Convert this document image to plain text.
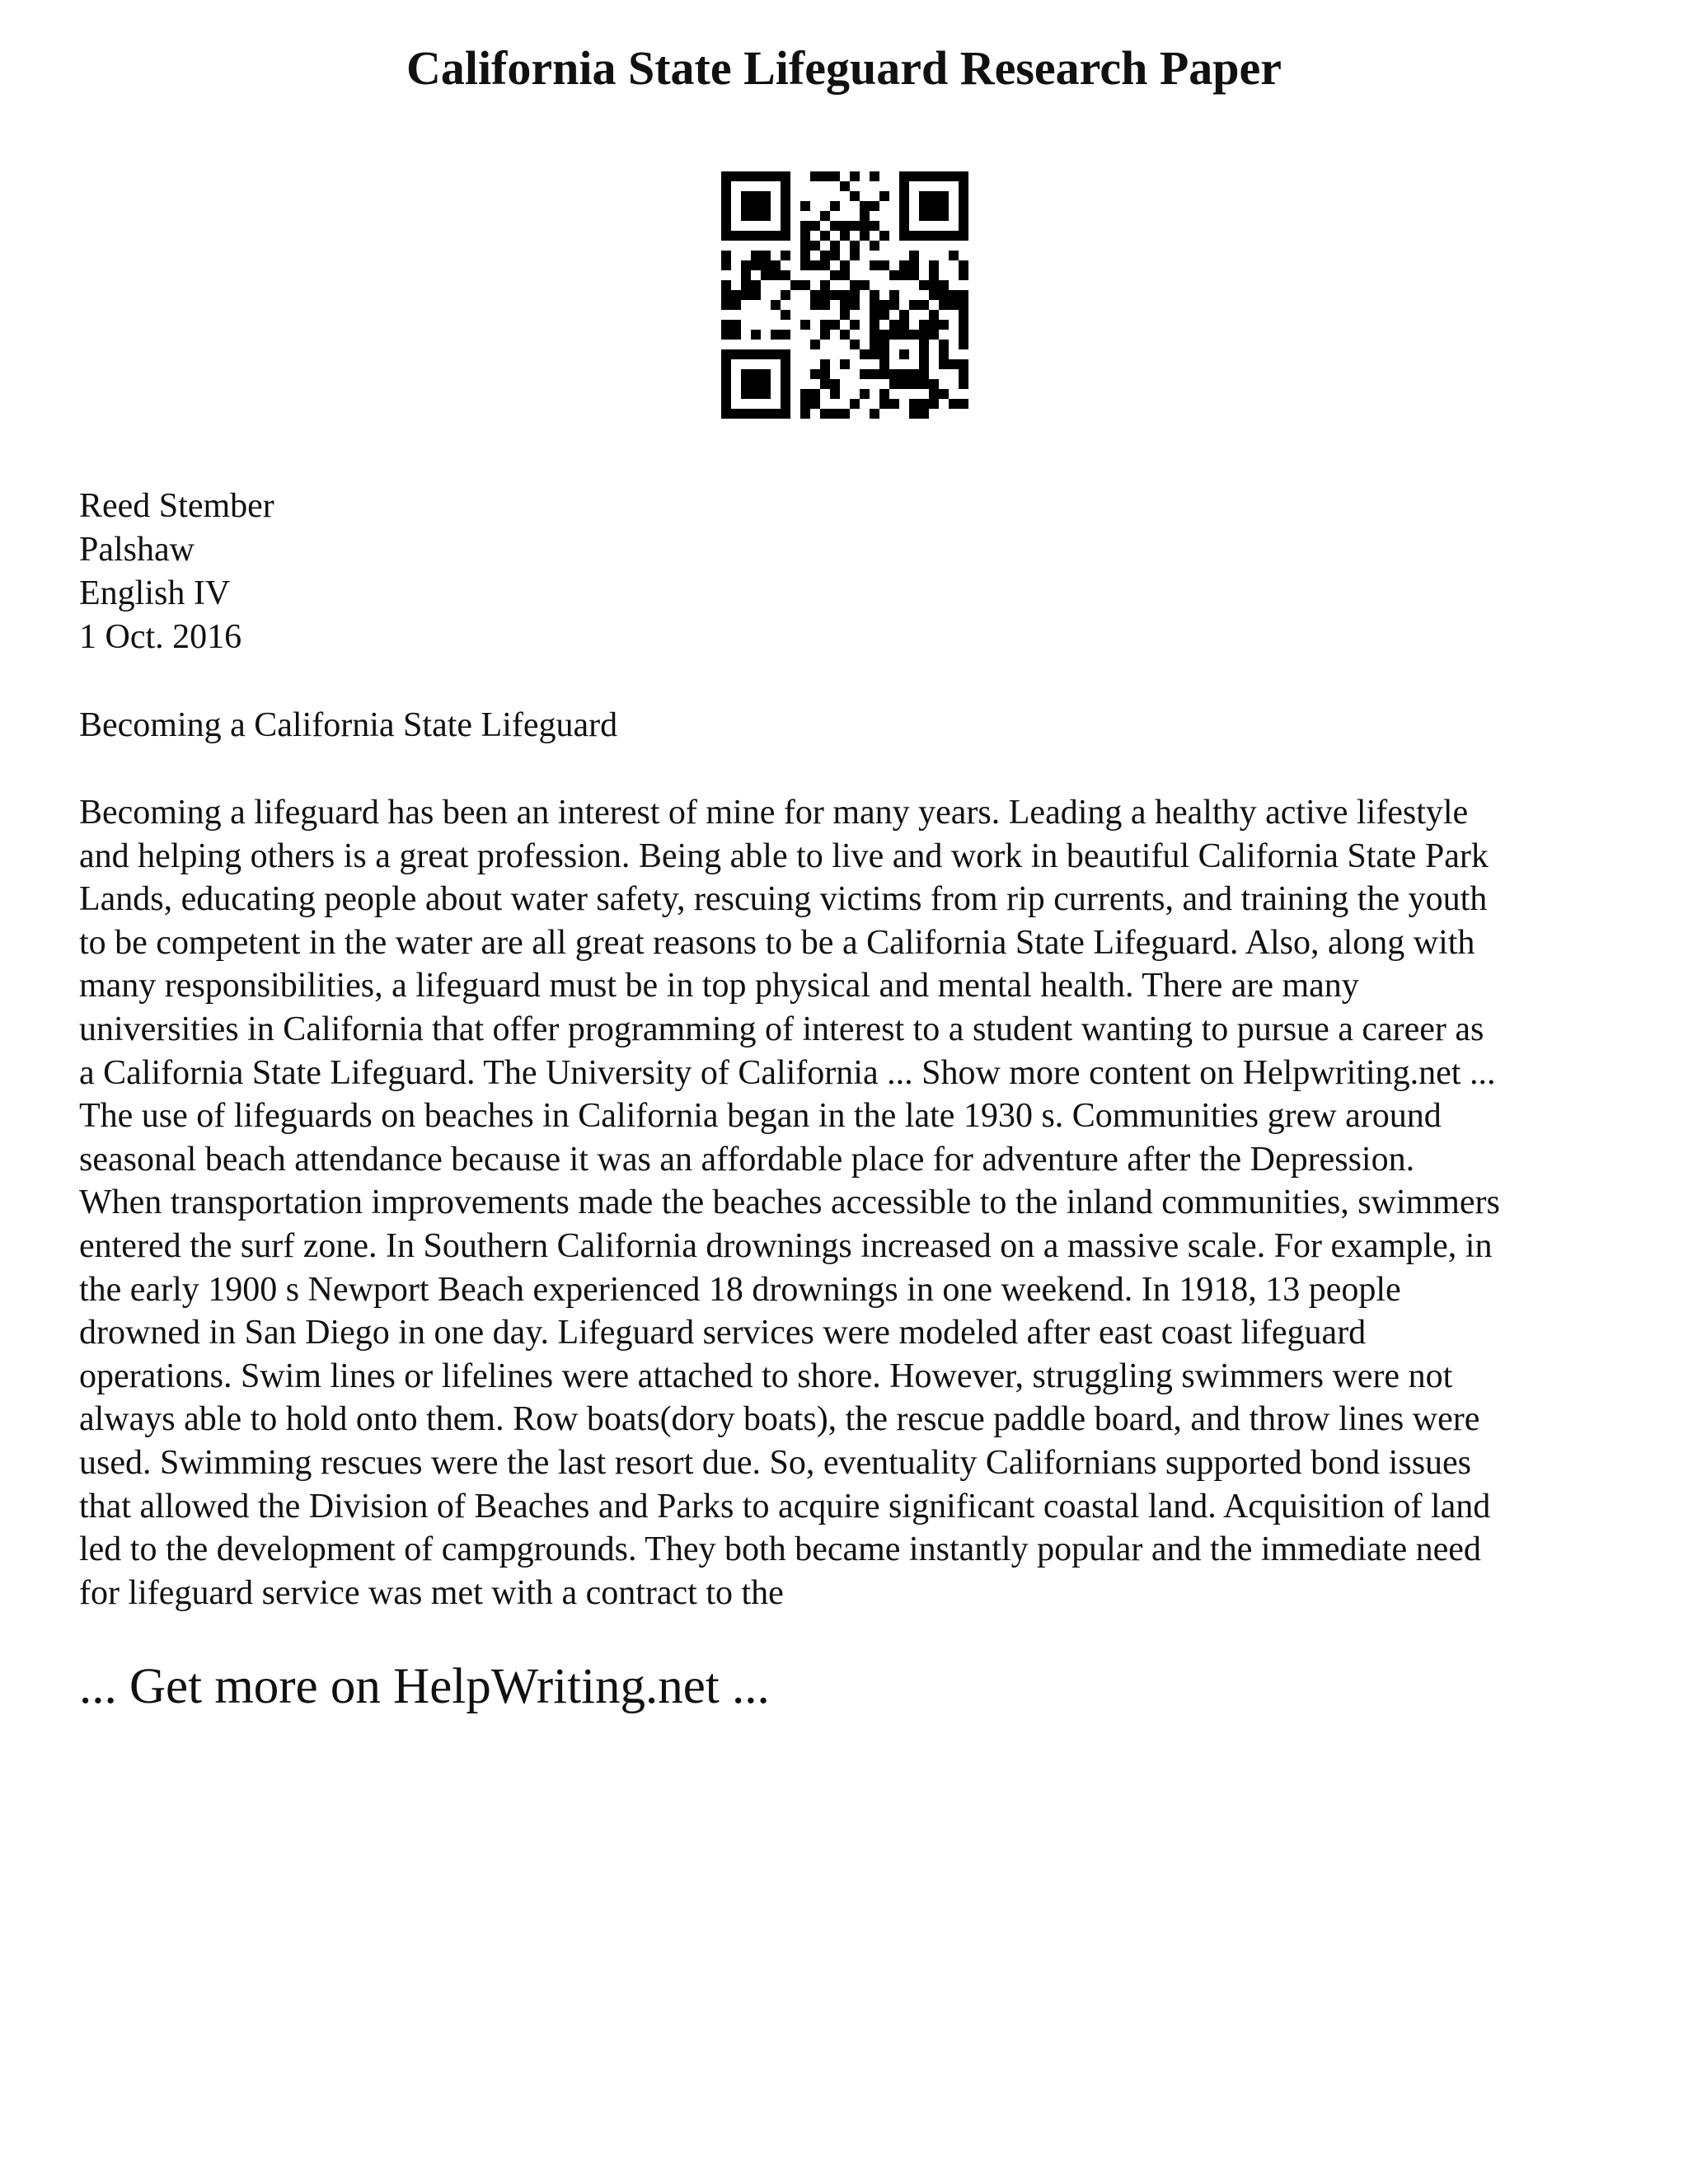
California State Lifeguard Research Paper
Reed Stember
Palshaw
English IV
1 Oct. 2016
Becoming a California State Lifeguard

Becoming a lifeguard has been an interest of mine for many years. Leading a healthy active lifestyle
and helping others is a great profession. Being able to live and work in beautiful California State Park
Lands, educating people about water safety, rescuing victims from rip currents, and training the youth
to be competent in the water are all great reasons to be a California State Lifeguard. Also, along with
many responsibilities, a lifeguard must be in top physical and mental health. There are many
universities in California that offer programming of interest to a student wanting to pursue a career as
a California State Lifeguard. The University of California ... Show more content on Helpwriting.net ...
The use of lifeguards on beaches in California began in the late 1930 s. Communities grew around
seasonal beach attendance because it was an affordable place for adventure after the Depression.
When transportation improvements made the beaches accessible to the inland communities, swimmers
entered the surf zone. In Southern California drownings increased on a massive scale. For example, in
the early 1900 s Newport Beach experienced 18 drownings in one weekend. In 1918, 13 people
drowned in San Diego in one day. Lifeguard services were modeled after east coast lifeguard
operations. Swim lines or lifelines were attached to shore. However, struggling swimmers were not
always able to hold onto them. Row boats(dory boats), the rescue paddle board, and throw lines were
used. Swimming rescues were the last resort due. So, eventuality Californians supported bond issues
that allowed the Division of Beaches and Parks to acquire significant coastal land. Acquisition of land
led to the development of campgrounds. They both became instantly popular and the immediate need
for lifeguard service was met with a contract to the

... Get more on HelpWriting.net ...
